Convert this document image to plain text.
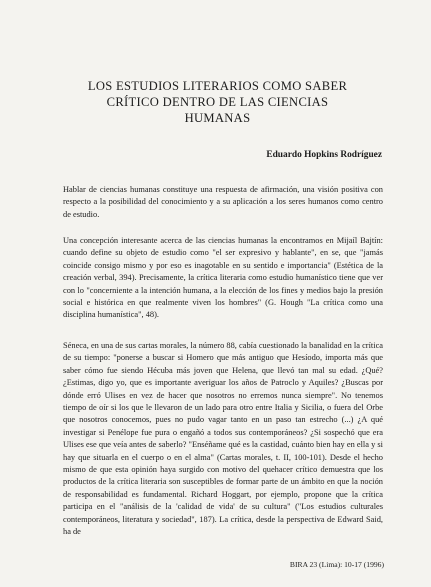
LOS ESTUDIOS LITERARIOS COMO SABER
CRÍTICO DENTRO DE LAS CIENCIAS
HUMANAS

Eduardo Hopkins Rodríguez

Hablar de ciencias humanas constituye una respuesta de afirmación, una visión positiva con respecto a la posibilidad del conocimiento y a su aplicación a los seres humanos como centro de estudio.

Una concepción interesante acerca de las ciencias humanas la encontramos en Mijaíl Bajtín: cuando define su objeto de estudio como "el ser expresivo y hablante", en se, que "jamás coincide consigo mismo y por eso es inagotable en su sentido e importancia" (Estética de la creación verbal, 394). Precisamente, la crítica literaria como estudio humanístico tiene que ver con lo "concerniente a la intención humana, a la elección de los fines y medios bajo la presión social e histórica en que realmente viven los hombres" (G. Hough "La crítica como una disciplina humanística", 48).

Séneca, en una de sus cartas morales, la número 88, cabía cuestionado la banalidad en la crítica de su tiempo: "ponerse a buscar si Homero que más antiguo que Hesíodo, importa más que saber cómo fue siendo Hécuba más joven que Helena, que llevó tan mal su edad. ¿Qué? ¿Estimas, digo yo, que es importante averiguar los años de Patroclo y Aquiles? ¿Buscas por dónde erró Ulises en vez de hacer que nosotros no erremos nunca siempre". No tenemos tiempo de oír si los que le llevaron de un lado para otro entre Italia y Sicilia, o fuera del Orbe que nosotros conocemos, pues no pudo vagar tanto en un paso tan estrecho (...) ¿A qué investigar si Penélope fue pura o engañó a todos sus contemporáneos? ¿Si sospechó que era Ulises ese que veía antes de saberlo? "Enséñame qué es la castidad, cuánto bien hay en ella y si hay que situarla en el cuerpo o en el alma" (Cartas morales, t. II, 100-101). Desde el hecho mismo de que esta opinión haya surgido con motivo del quehacer crítico demuestra que los productos de la crítica literaria son susceptibles de formar parte de un ámbito en que la noción de responsabilidad es fundamental. Richard Hoggart, por ejemplo, propone que la crítica participa en el "análisis de la 'calidad de vida' de su cultura" ("Los estudios culturales contemporáneos, literatura y sociedad", 187). La crítica, desde la perspectiva de Edward Said, ha de

BIRA 23 (Lima): 10-17 (1996)
